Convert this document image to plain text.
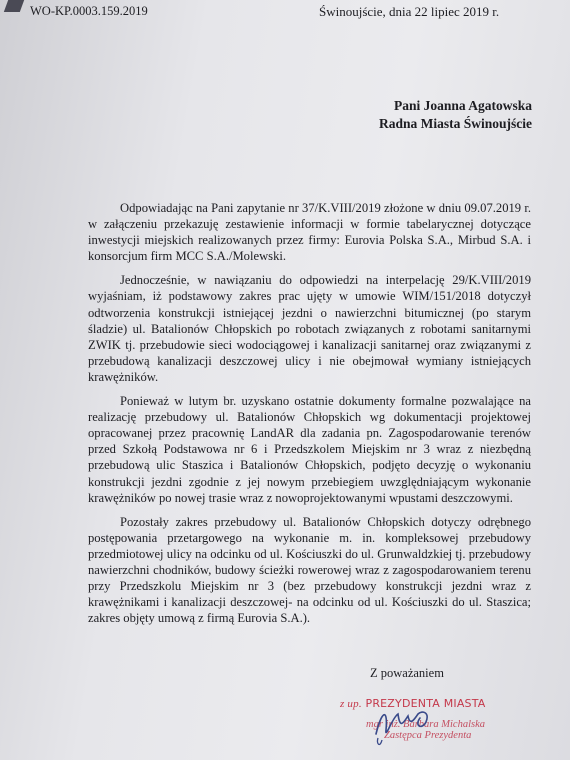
WO-KP.0003.159.2019	Świnoujście, dnia 22 lipiec 2019 r.
Pani Joanna Agatowska
Radna Miasta Świnoujście

Odpowiadając na Pani zapytanie nr 37/K.VIII/2019 złożone w dniu 09.07.2019 r. w załączeniu przekazuję zestawienie informacji w formie tabelarycznej dotyczące inwestycji miejskich realizowanych przez firmy: Eurovia Polska S.A., Mirbud S.A. i konsorcjum firm MCC S.A./Molewski.

Jednocześnie, w nawiązaniu do odpowiedzi na interpelację 29/K.VIII/2019 wyjaśniam, iż podstawowy zakres prac ujęty w umowie WIM/151/2018 dotyczył odtworzenia konstrukcji istniejącej jezdni o nawierzchni bitumicznej (po starym śladzie) ul. Batalionów Chłopskich po robotach związanych z robotami sanitarnymi ZWIK tj. przebudowie sieci wodociągowej i kanalizacji sanitarnej oraz związanymi z przebudową kanalizacji deszczowej ulicy i nie obejmował wymiany istniejących krawężników.

Ponieważ w lutym br. uzyskano ostatnie dokumenty formalne pozwalające na realizację przebudowy ul. Batalionów Chłopskich wg dokumentacji projektowej opracowanej przez pracownię LandAR dla zadania pn. Zagospodarowanie terenów przed Szkołą Podstawowa nr 6 i Przedszkolem Miejskim nr 3 wraz z niezbędną przebudową ulic Staszica i Batalionów Chłopskich, podjęto decyzję o wykonaniu konstrukcji jezdni zgodnie z jej nowym przebiegiem uwzględniającym wykonanie krawężników po nowej trasie wraz z nowoprojektowanymi wpustami deszczowymi.

Pozostały zakres przebudowy ul. Batalionów Chłopskich dotyczy odrębnego postępowania przetargowego na wykonanie m. in. kompleksowej przebudowy przedmiotowej ulicy na odcinku od ul. Kościuszki do ul. Grunwaldzkiej tj. przebudowy nawierzchni chodników, budowy ścieżki rowerowej wraz z zagospodarowaniem terenu przy Przedszkolu Miejskim nr 3 (bez przebudowy konstrukcji jezdni wraz z krawężnikami i kanalizacji deszczowej- na odcinku od ul. Kościuszki do ul. Staszica; zakres objęty umową z firmą Eurovia S.A.).

Z poważaniem
z up. PREZYDENTA MIASTA
mgr inż. Barbara Michalska
Zastępca Prezydenta
